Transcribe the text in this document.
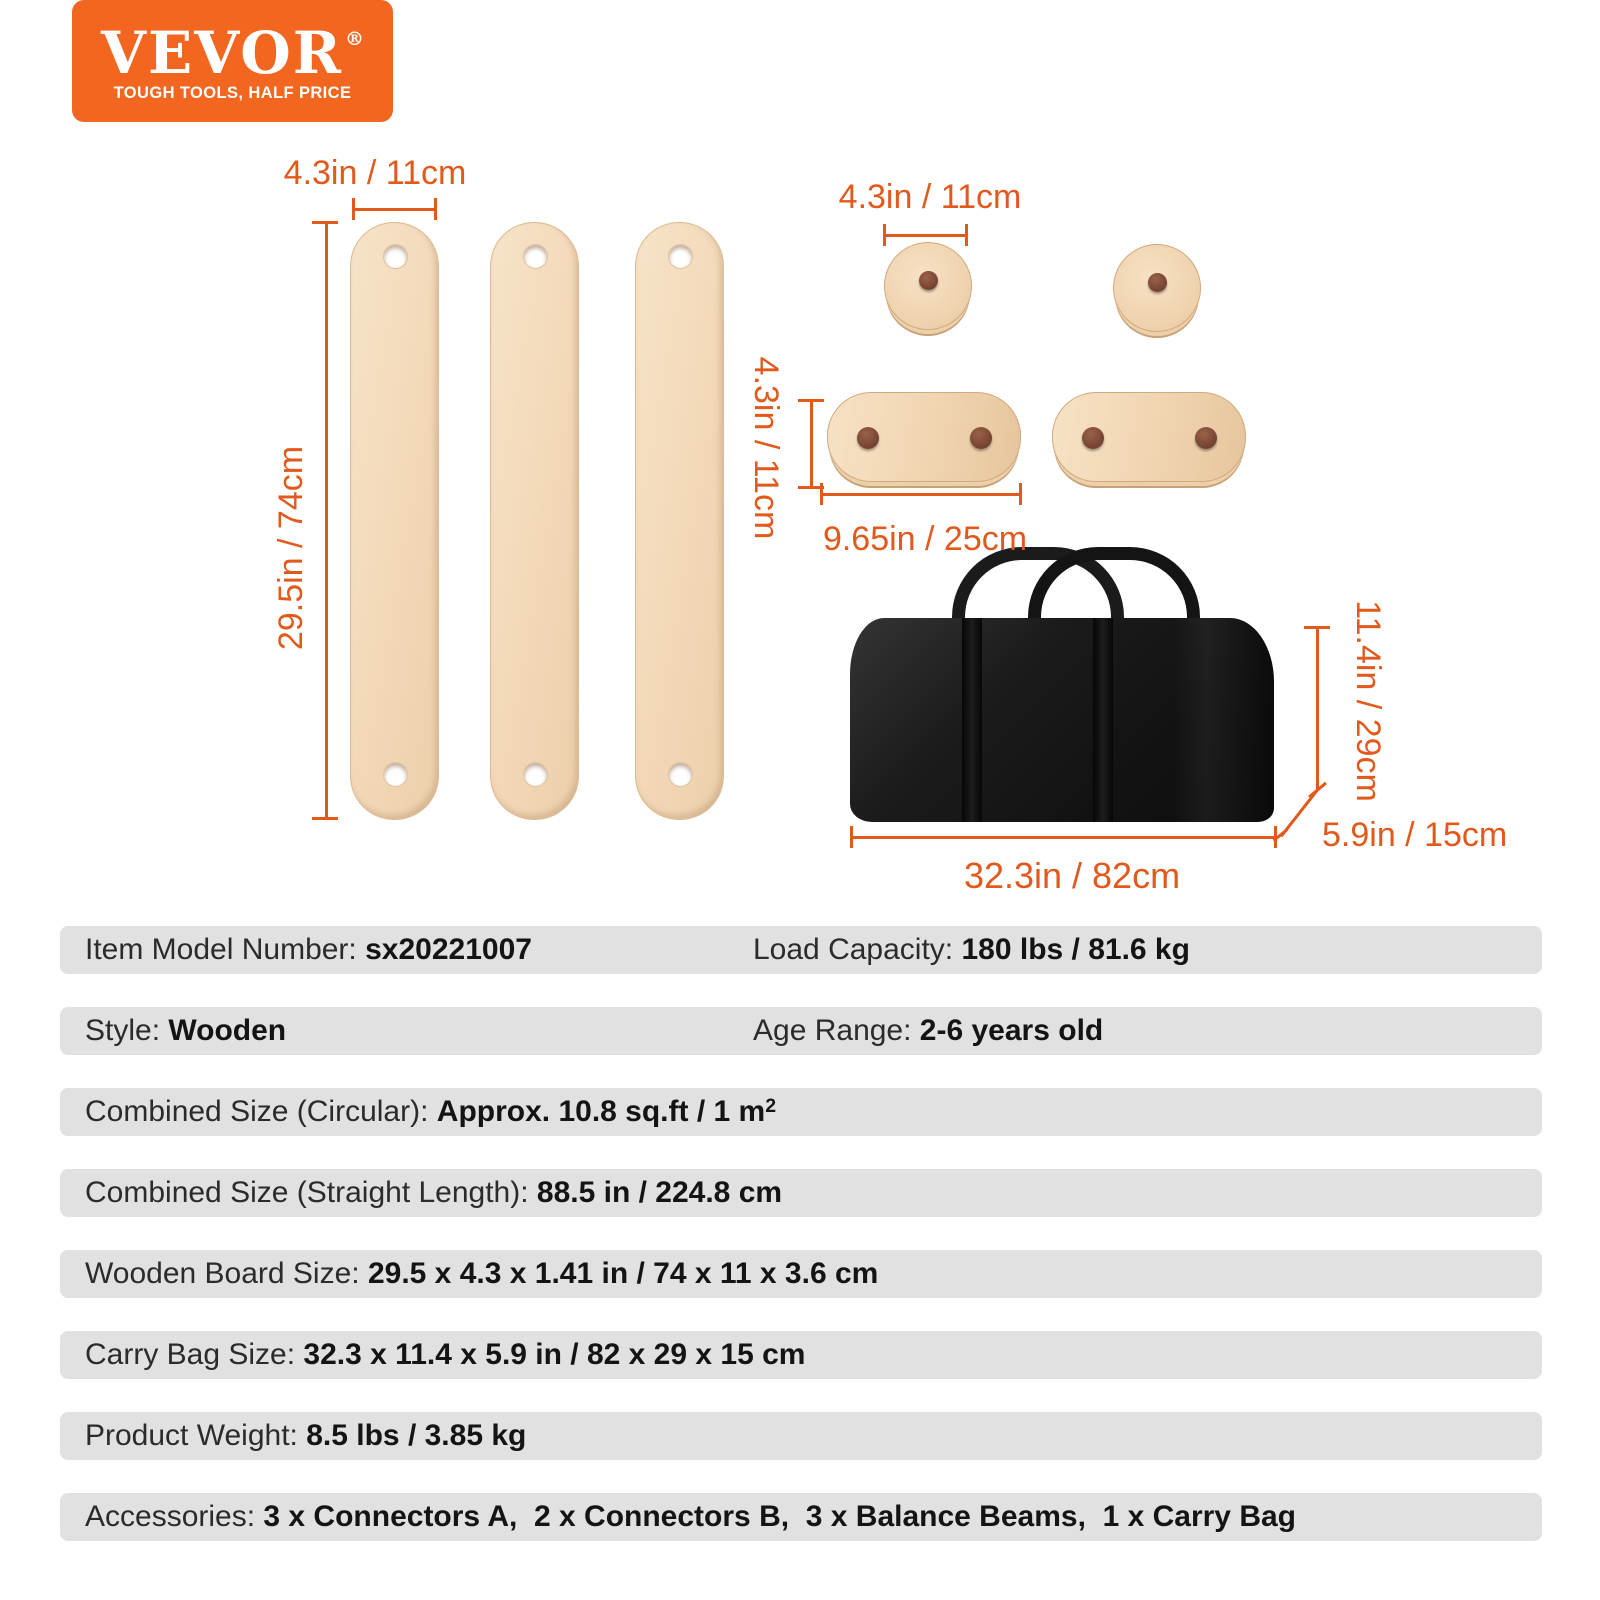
VEVOR ®
TOUGH TOOLS, HALF PRICE
4.3in / 11cm
29.5in / 74cm
4.3in / 11cm
4.3in / 11cm 9.65in / 25cm
11.4in / 29cm
5.9in / 15cm
32.3in / 82cm
Item Model Number: sx20221007	Load Capacity: 180 lbs / 81.6 kg
Style: Wooden	Age Range: 2-6 years old
Combined Size (Circular): Approx. 10.8 sq.ft / 1 $m^2$
Combined Size (Straight Length): 88.5 in / 224.8 cm
Wooden Board Size: 29.5 x 4.3 x 1.41 in / 74 x 11 x 3.6 cm
Carry Bag Size: 32.3 x 11.4 x 5.9 in / 82 x 29 x 15 cm
Product Weight: 8.5 lbs / 3.85 kg
Accessories: 3 x Connectors A,  2 x Connectors B,  3 x Balance Beams,  1 x Carry Bag
